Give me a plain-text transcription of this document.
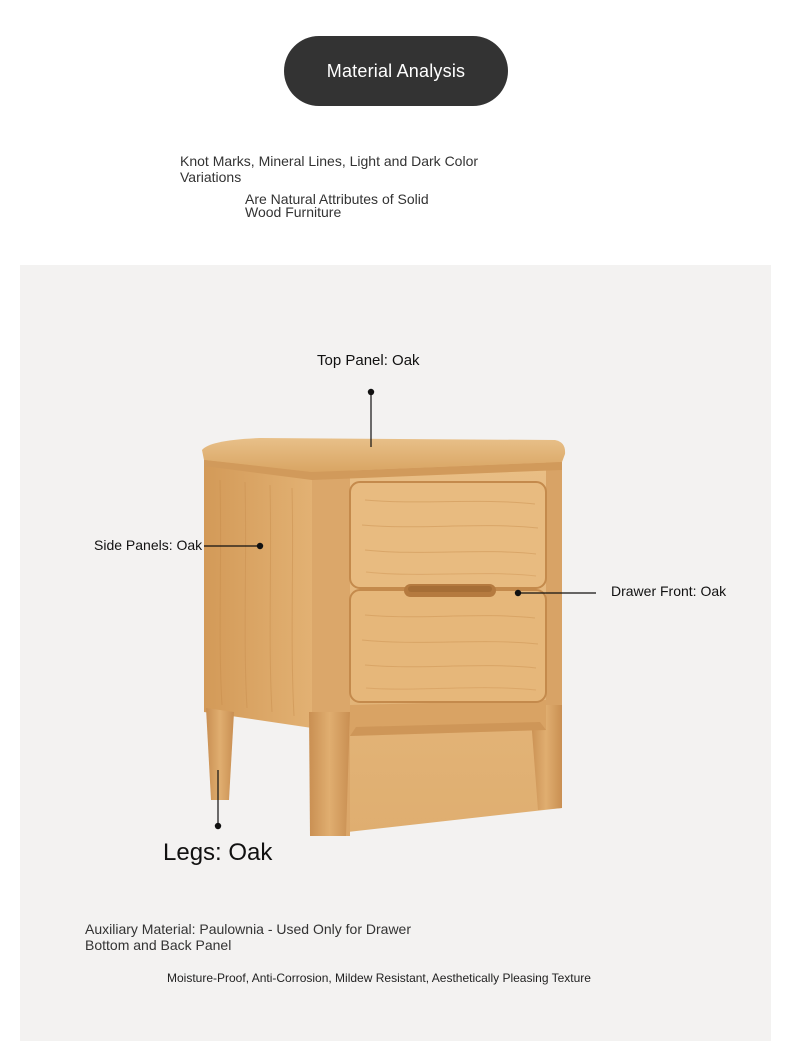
Material Analysis
Knot Marks, Mineral Lines, Light and Dark Color Variations
Are Natural Attributes of Solid Wood Furniture
Top Panel: Oak
Side Panels: Oak
Drawer Front: Oak
Legs: Oak
Auxiliary Material: Paulownia - Used Only for Drawer Bottom and Back Panel
Moisture-Proof, Anti-Corrosion, Mildew Resistant, Aesthetically Pleasing Texture
